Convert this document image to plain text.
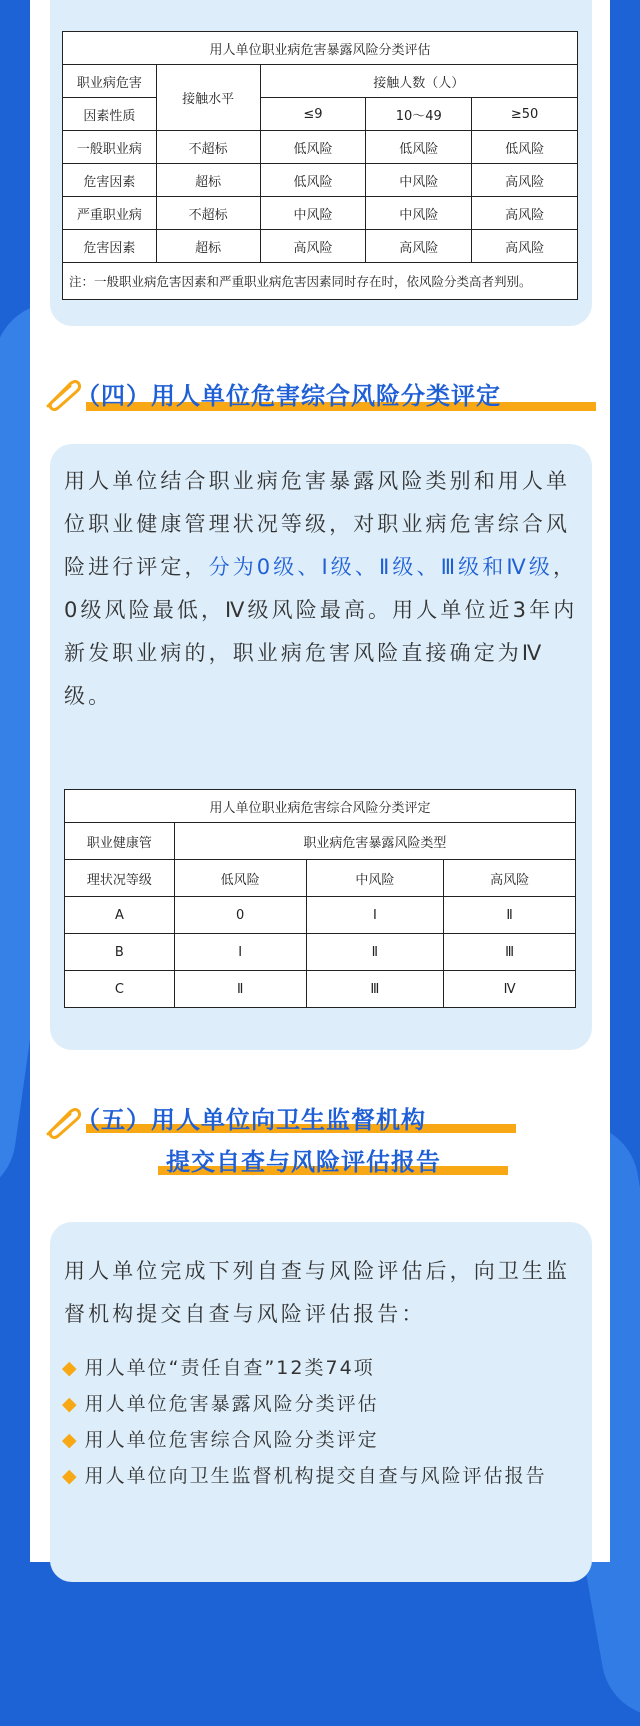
用人单位职业病危害暴露风险分类评估				
职业病危害	接触水平	接触人数（人）		
因素性质		≤9	10～49	≥50
一般职业病	不超标	低风险	低风险	低风险
危害因素	超标	低风险	中风险	高风险
严重职业病	不超标	中风险	中风险	高风险
危害因素	超标	高风险	高风险	高风险
注：一般职业病危害因素和严重职业病危害因素同时存在时，依风险分类高者判别。				
（四）用人单位危害综合风险分类评定

用人单位结合职业病危害暴露风险类别和用人单位职业健康管理状况等级，对职业病危害综合风险进行评定，分为0级、Ⅰ级、Ⅱ级、Ⅲ级和Ⅳ级，0级风险最低，Ⅳ级风险最高。用人单位近3年内新发职业病的，职业病危害风险直接确定为Ⅳ级。

用人单位职业病危害综合风险分类评定			
职业健康管	职业病危害暴露风险类型		
理状况等级	低风险	中风险	高风险
A	0	Ⅰ	Ⅱ
B	Ⅰ	Ⅱ	Ⅲ
C	Ⅱ	Ⅲ	Ⅳ
（五）用人单位向卫生监督机构
提交自查与风险评估报告

用人单位完成下列自查与风险评估后，向卫生监督机构提交自查与风险评估报告：

◆ 用人单位“责任自查”12类74项
◆ 用人单位危害暴露风险分类评估
◆ 用人单位危害综合风险分类评定
◆ 用人单位向卫生监督机构提交自查与风险评估报告
